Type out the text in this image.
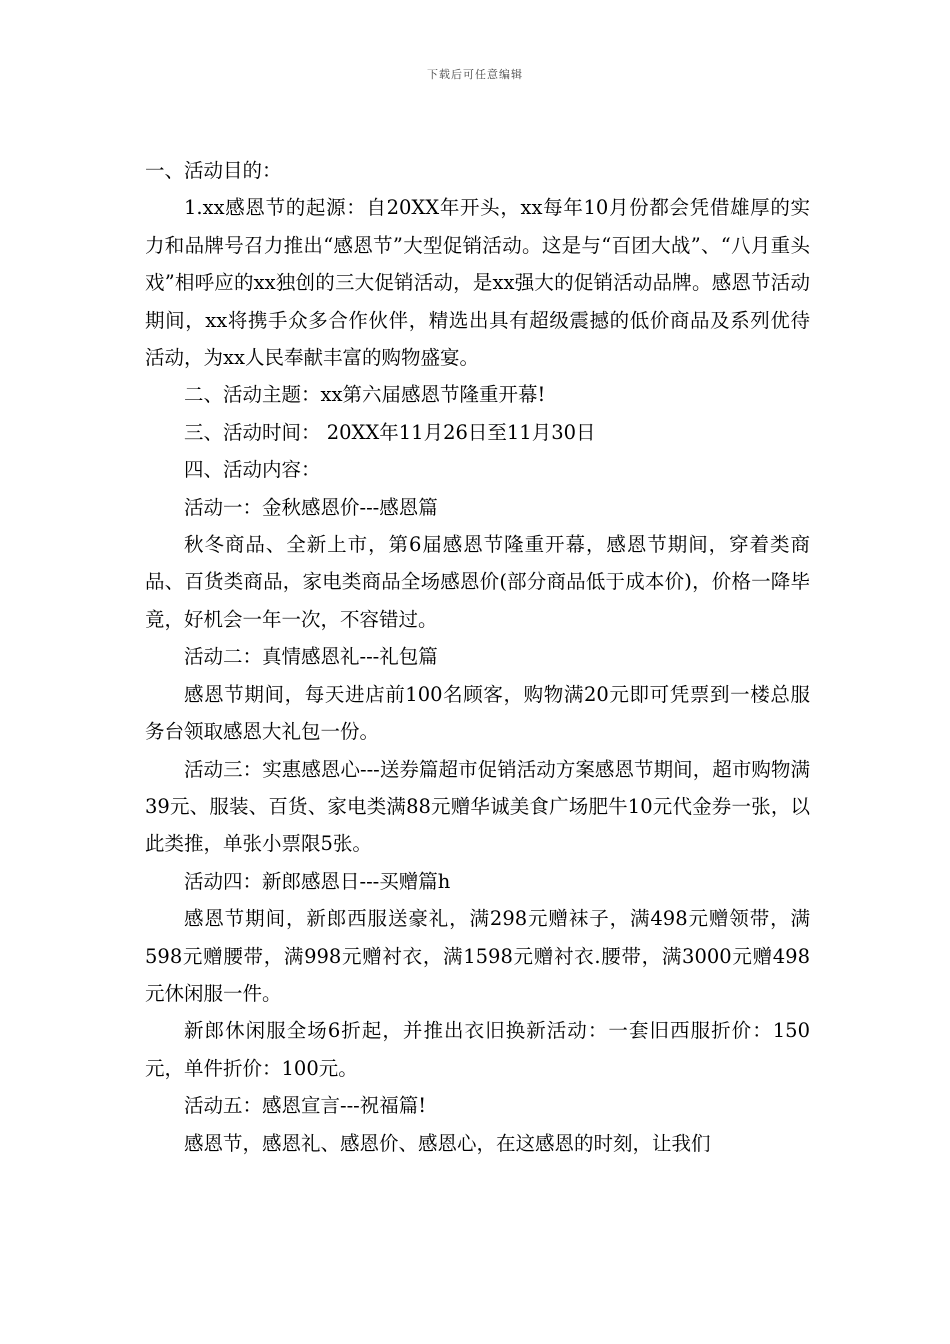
下载后可任意编辑

一、活动目的：

1.xx感恩节的起源：自20XX年开头，xx每年10月份都会凭借雄厚的实力和品牌号召力推出“感恩节”大型促销活动。这是与“百团大战”、“八月重头戏”相呼应的xx独创的三大促销活动，是xx强大的促销活动品牌。感恩节活动期间，xx将携手众多合作伙伴，精选出具有超级震撼的低价商品及系列优待活动，为xx人民奉献丰富的购物盛宴。

二、活动主题：xx第六届感恩节隆重开幕!

三、活动时间： 20XX年11月26日至11月30日

四、活动内容：

活动一：金秋感恩价---感恩篇

秋冬商品、全新上市，第6届感恩节隆重开幕，感恩节期间，穿着类商品、百货类商品，家电类商品全场感恩价(部分商品低于成本价)，价格一降毕竟，好机会一年一次，不容错过。

活动二：真情感恩礼---礼包篇

感恩节期间，每天进店前100名顾客，购物满20元即可凭票到一楼总服务台领取感恩大礼包一份。

活动三：实惠感恩心---送券篇超市促销活动方案感恩节期间，超市购物满39元、服装、百货、家电类满88元赠华诚美食广场肥牛10元代金券一张，以此类推，单张小票限5张。

活动四：新郎感恩日---买赠篇h

感恩节期间，新郎西服送豪礼，满298元赠袜子，满498元赠领带，满598元赠腰带，满998元赠衬衣，满1598元赠衬衣.腰带，满3000元赠498元休闲服一件。

新郎休闲服全场6折起，并推出衣旧换新活动：一套旧西服折价：150元，单件折价：100元。

活动五：感恩宣言---祝福篇!

感恩节，感恩礼、感恩价、感恩心，在这感恩的时刻，让我们
